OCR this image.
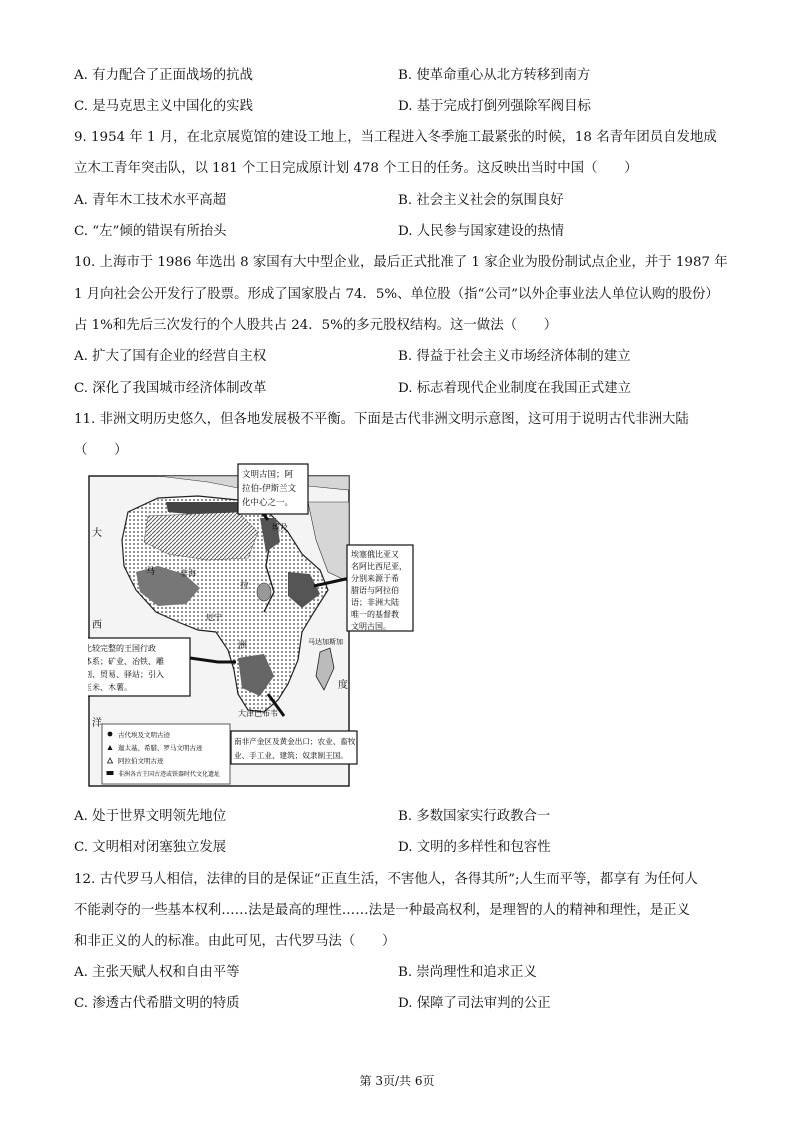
A. 有力配合了正面战场的抗战	B. 使革命重心从北方转移到南方
C. 是马克思主义中国化的实践	D. 基于完成打倒列强除军阀目标
9. 1954 年 1 月，在北京展览馆的建设工地上，当工程进入冬季施工最紧张的时候，18 名青年团员自发地成
立木工青年突击队，以 181 个工日完成原计划 478 个工日的任务。这反映出当时中国（　　）
A. 青年木工技术水平高超	B. 社会主义社会的氛围良好
C. “左”倾的错误有所抬头	D. 人民参与国家建设的热情
10. 上海市于 1986 年选出 8 家国有大中型企业，最后正式批准了 1 家企业为股份制试点企业，并于 1987 年
1 月向社会公开发行了股票。形成了国家股占 74．5%、单位股（指“公司”以外企事业法人单位认购的股份）
占 1%和先后三次发行的个人股共占 24．5%的多元股权结构。这一做法（　　）
A. 扩大了国有企业的经营自主权	B. 得益于社会主义市场经济体制的建立
C. 深化了我国城市经济体制改革	D. 标志着现代企业制度在我国正式建立
11. 非洲文明历史悠久，但各地发展极不平衡。下面是古代非洲文明示意图，这可用于说明古代非洲大陆
（　　）
大
西
洋
度
埃及
马	非海
拉
厄宁
马达加斯加
洲
大津巴布韦
文明古国；阿
拉伯-伊斯兰文
化中心之一。
比较完整的王国行政
体系；矿业、冶铁、雕
刻、贸易、驿站；引入
玉米、木薯。
古代埃及文明古迹
迦太基、希腊、罗马文明古迹
阿拉伯文明古迹
非洲各古王国古迹或铁器时代文化遗址
埃塞俄比亚又
名阿比西尼亚，
分别来源于希
腊语与阿拉伯
语；非洲大陆
唯一的基督教
文明古国。
南非产金区及黄金出口；农业、畜牧
业、手工业、建筑；奴隶制王国。
A. 处于世界文明领先地位	B. 多数国家实行政教合一
C. 文明相对闭塞独立发展	D. 文明的多样性和包容性
12. 古代罗马人相信，法律的目的是保证“正直生活，不害他人，各得其所”;人生而平等，都享有 为任何人
不能剥夺的一些基本权利……法是最高的理性……法是一种最高权利，是理智的人的精神和理性，是正义
和非正义的人的标准。由此可见，古代罗马法（　　）
A. 主张天赋人权和自由平等	B. 崇尚理性和追求正义
C. 渗透古代希腊文明的特质	D. 保障了司法审判的公正
第 3页/共 6页
